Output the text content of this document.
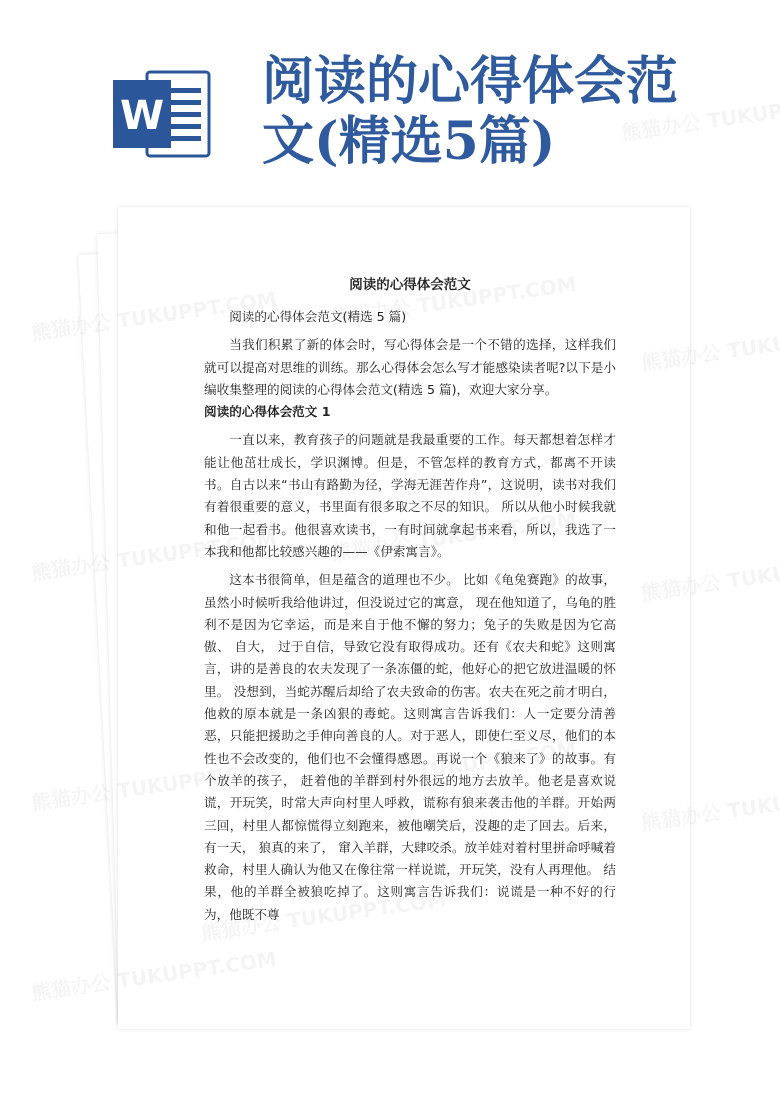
W
阅读的心得体会范
文(精选5篇)
阅读的心得体会范文

阅读的心得体会范文(精选 5 篇)

当我们积累了新的体会时，写心得体会是一个不错的选择，这样我们就可以提高对思维的训练。那么心得体会怎么写才能感染读者呢?以下是小编收集整理的阅读的心得体会范文(精选 5 篇)，欢迎大家分享。

阅读的心得体会范文 1

一直以来，教育孩子的问题就是我最重要的工作。每天都想着怎样才能让他茁壮成长，学识渊博。但是，不管怎样的教育方式，都离不开读书。自古以来“书山有路勤为径，学海无涯苦作舟”，这说明，读书对我们有着很重要的意义，书里面有很多取之不尽的知识。 所以从他小时候我就和他一起看书。他很喜欢读书，一有时间就拿起书来看，所以，我选了一本我和他都比较感兴趣的——《伊索寓言》。

这本书很简单，但是蕴含的道理也不少。 比如《龟兔赛跑》的故事，虽然小时候听我给他讲过，但没说过它的寓意， 现在他知道了，乌龟的胜利不是因为它幸运，而是来自于他不懈的努力；兔子的失败是因为它高傲、 自大， 过于自信，导致它没有取得成功。还有《农夫和蛇》这则寓言，讲的是善良的农夫发现了一条冻僵的蛇，他好心的把它放进温暖的怀里。 没想到，当蛇苏醒后却给了农夫致命的伤害。农夫在死之前才明白，他救的原本就是一条凶狠的毒蛇。这则寓言告诉我们：人一定要分清善恶，只能把援助之手伸向善良的人。对于恶人，即使仁至义尽，他们的本性也不会改变的，他们也不会懂得感恩。再说一个《狼来了》的故事。有个放羊的孩子， 赶着他的羊群到村外很远的地方去放羊。他老是喜欢说谎，开玩笑，时常大声向村里人呼救，谎称有狼来袭击他的羊群。开始两三回，村里人都惊慌得立刻跑来，被他嘲笑后，没趣的走了回去。后来，有一天， 狼真的来了， 窜入羊群，大肆咬杀。放羊娃对着村里拼命呼喊着救命，村里人确认为他又在像往常一样说谎，开玩笑，没有人再理他。 结果，他的羊群全被狼吃掉了。这则寓言告诉我们：说谎是一种不好的行为，他既不尊
